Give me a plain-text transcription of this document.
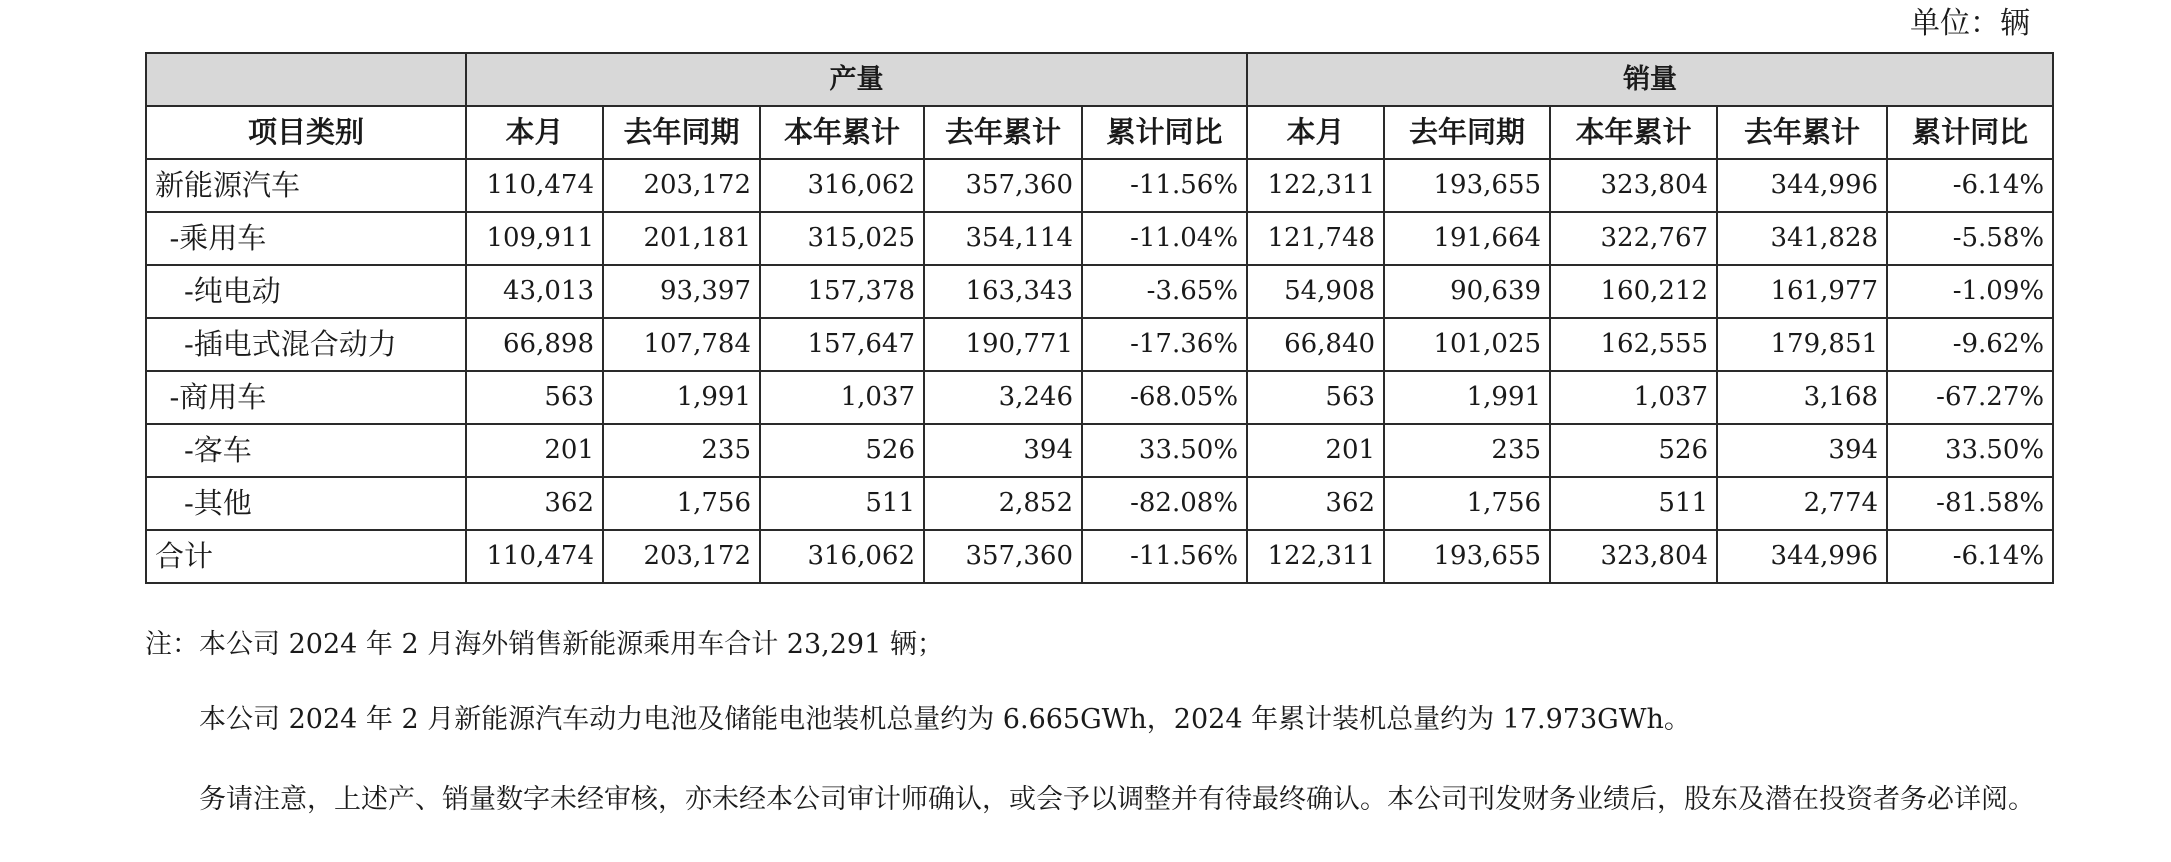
单位：辆
	产量					销量				
项目类别	本月	去年同期	本年累计	去年累计	累计同比	本月	去年同期	本年累计	去年累计	累计同比
新能源汽车	110,474	203,172	316,062	357,360	-11.56%	122,311	193,655	323,804	344,996	-6.14%
 -乘用车	109,911	201,181	315,025	354,114	-11.04%	121,748	191,664	322,767	341,828	-5.58%
  -纯电动	43,013	93,397	157,378	163,343	-3.65%	54,908	90,639	160,212	161,977	-1.09%
  -插电式混合动力	66,898	107,784	157,647	190,771	-17.36%	66,840	101,025	162,555	179,851	-9.62%
 -商用车	563	1,991	1,037	3,246	-68.05%	563	1,991	1,037	3,168	-67.27%
  -客车	201	235	526	394	33.50%	201	235	526	394	33.50%
  -其他	362	1,756	511	2,852	-82.08%	362	1,756	511	2,774	-81.58%
合计	110,474	203,172	316,062	357,360	-11.56%	122,311	193,655	323,804	344,996	-6.14%
注：本公司 2024 年 2 月海外销售新能源乘用车合计 23,291 辆；
本公司 2024 年 2 月新能源汽车动力电池及储能电池装机总量约为 6.665GWh，2024 年累计装机总量约为 17.973GWh。
务请注意，上述产、销量数字未经审核，亦未经本公司审计师确认，或会予以调整并有待最终确认。本公司刊发财务业绩后，股东及潜在投资者务必详阅。
